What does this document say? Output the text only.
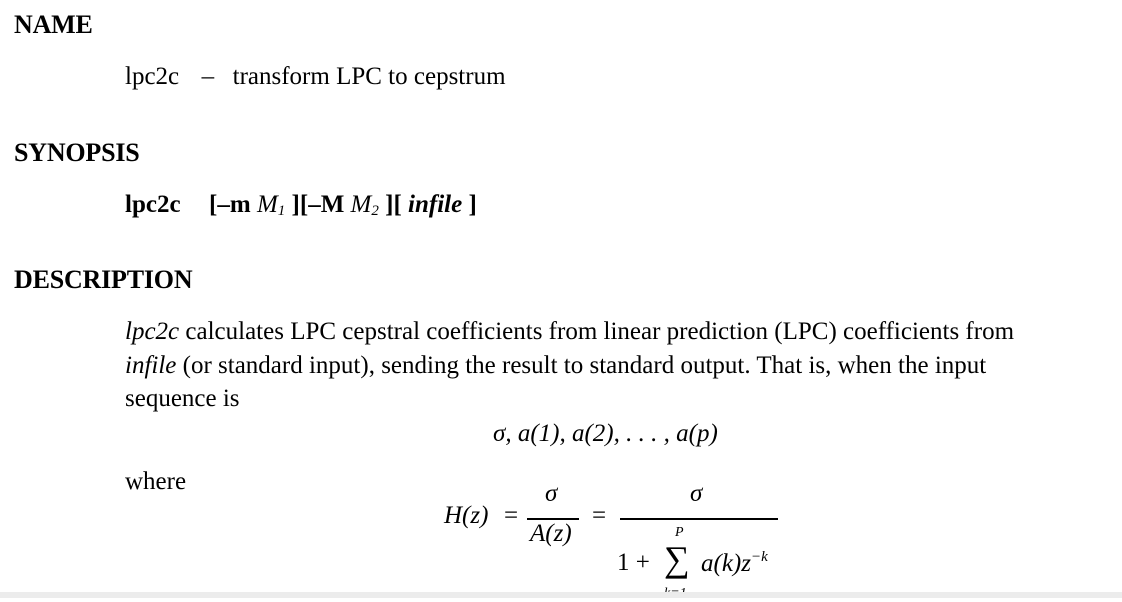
NAME
lpc2c – transform LPC to cepstrum
SYNOPSIS
lpc2c [–m $M_1$ ][–M $M_2$ ][ infile ]
DESCRIPTION
lpc2c calculates LPC cepstral coefficients from linear prediction (LPC) coefficients from
infile (or standard input), sending the result to standard output. That is, when the input
sequence is
σ, a(1), a(2), . . . , a(p)
where
H(z) =
σ
A(z)
=
σ
1 +
P
∑ $a(k)z^{-k}$
